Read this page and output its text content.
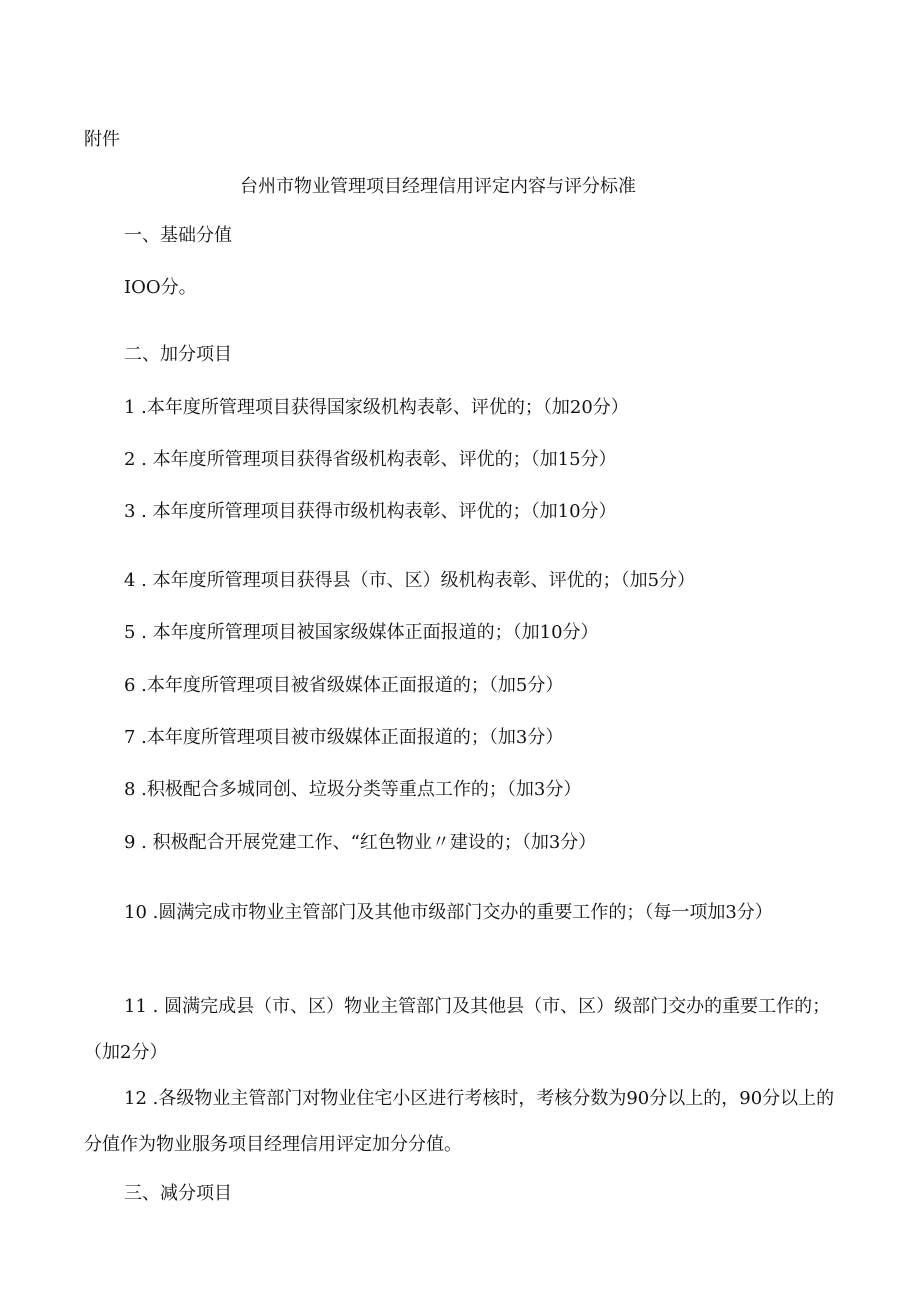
附件
台州市物业管理项目经理信用评定内容与评分标准
一、基础分值
IOO分。
二、加分项目
1 .本年度所管理项目获得国家级机构表彰、评优的；（加20分）
2 . 本年度所管理项目获得省级机构表彰、评优的；（加15分）
3 . 本年度所管理项目获得市级机构表彰、评优的；（加10分）
4 . 本年度所管理项目获得县（市、区）级机构表彰、评优的；（加5分）
5 . 本年度所管理项目被国家级媒体正面报道的；（加10分）
6 .本年度所管理项目被省级媒体正面报道的；（加5分）
7 .本年度所管理项目被市级媒体正面报道的；（加3分）
8 .积极配合多城同创、垃圾分类等重点工作的；（加3分）
9 . 积极配合开展党建工作、“红色物业〃建设的；（加3分）
10 .圆满完成市物业主管部门及其他市级部门交办的重要工作的；（每一项加3分）
11 . 圆满完成县（市、区）物业主管部门及其他县（市、区）级部门交办的重要工作的；（加2分）
12 .各级物业主管部门对物业住宅小区进行考核时，考核分数为90分以上的，90分以上的分值作为物业服务项目经理信用评定加分分值。
三、减分项目
